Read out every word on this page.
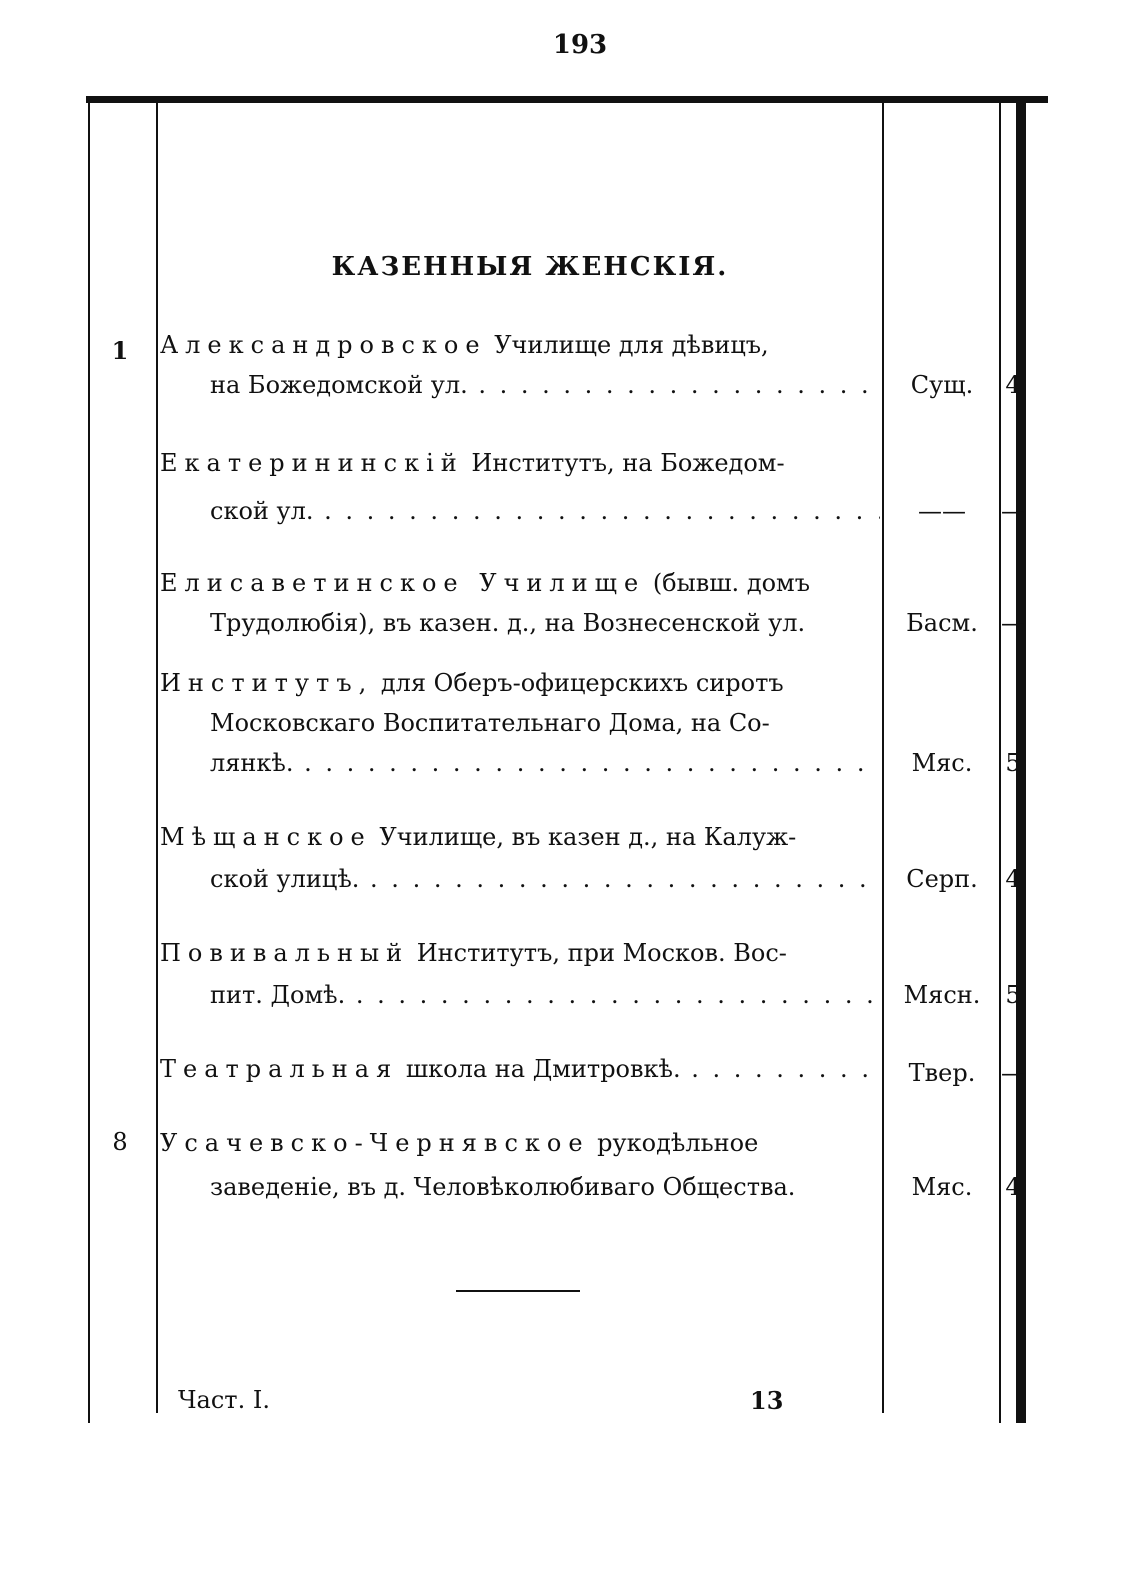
193
КАЗЕННЫЯ ЖЕНСКІЯ.
1	Александровское Училище для дѣвицъ,
на Божедомской ул. . . .	Сущ.	4
Екатерининскій Институтъ, на Божедом-
ской ул. . . .	——	—
Елисаветинское Училище (бывш. домъ
Трудолюбія), въ казен. д., на Вознесенской ул.	Басм. —
Институтъ, для Оберъ-офицерскихъ сиротъ
Московскаго Воспитательнаго Дома, на Со-
лянкѣ. . . .	Мяс.	5
Мѣщанское Училище, въ казен д., на Калуж-
ской улицѣ. . . .	Серп.	4
Повивальный Институтъ, при Москов. Вос-
пит. Домѣ. . . .	Мясн.	5
Театральная школа на Дмитровкѣ. . . .	Твер.	—
8	Усачевско-Чернявское рукодѣльное
заведеніе, въ д. Человѣколюбиваго Общества.	Мяс.	4
Част. I.	13
